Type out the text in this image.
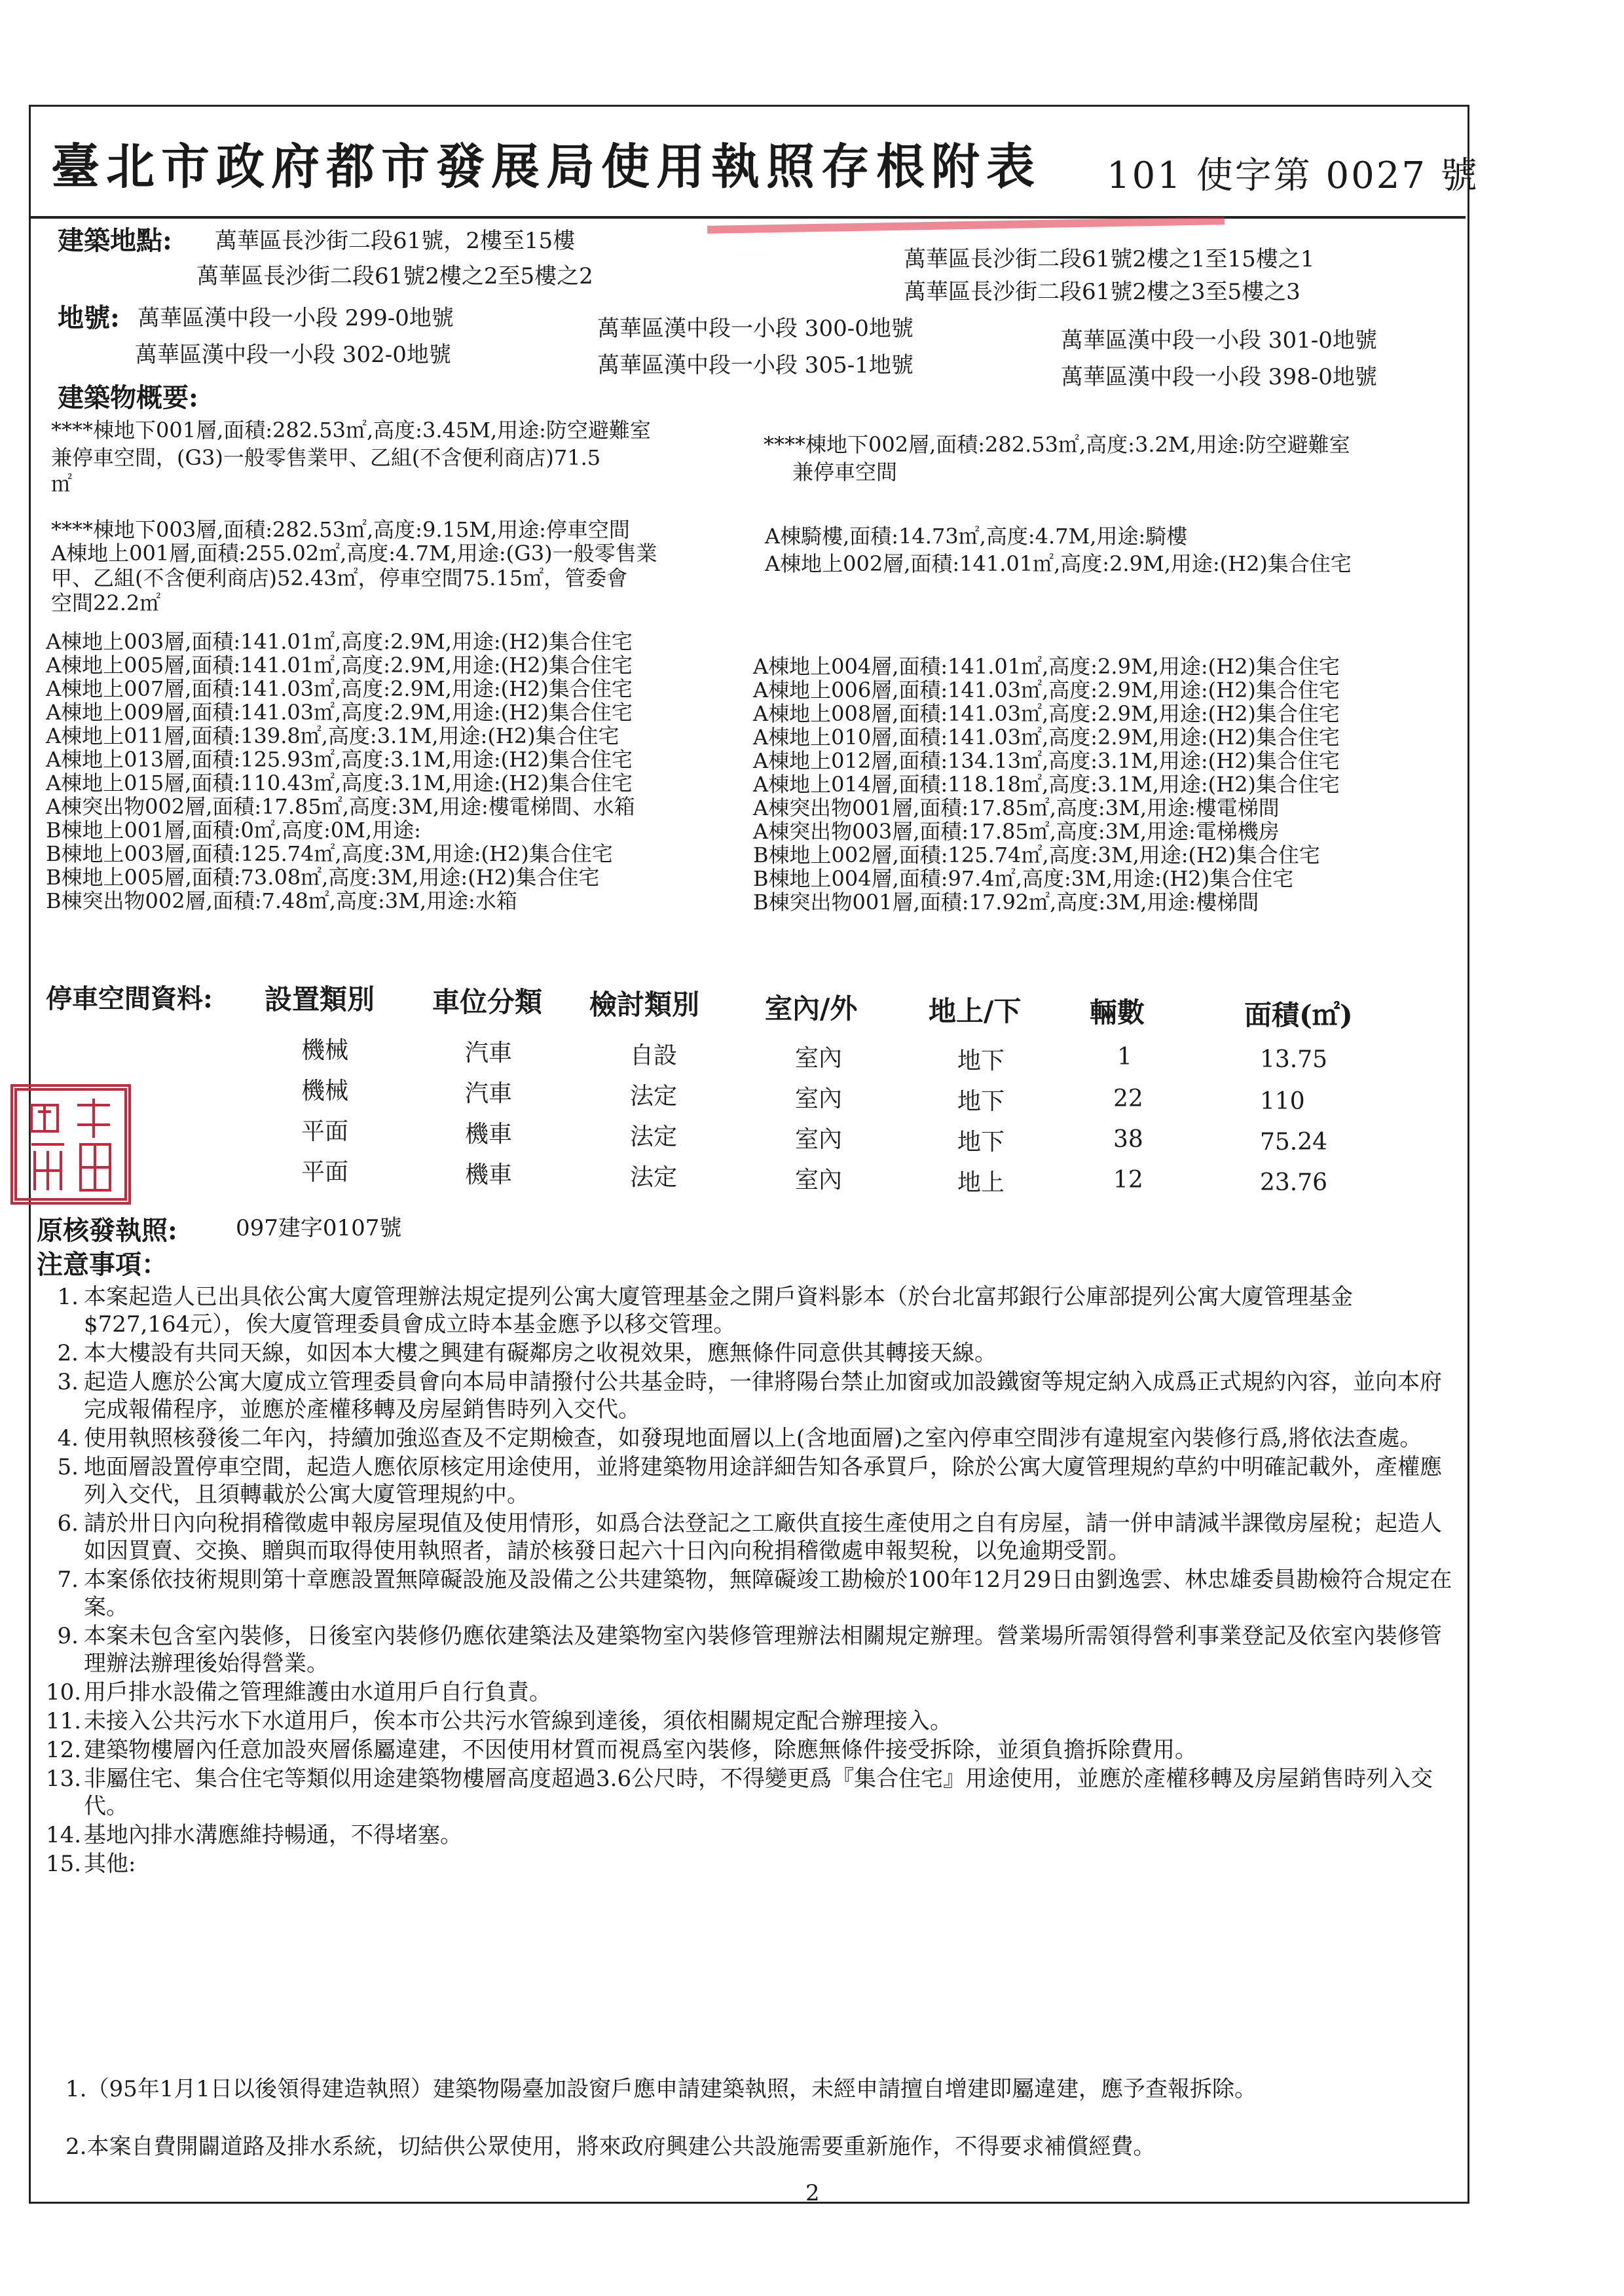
臺北市政府都市發展局使用執照存根附表 101 使字第 0027 號
建築地點: 萬華區長沙街二段61號，2樓至15樓
萬華區長沙街二段61號2樓之1至15樓之1
萬華區長沙街二段61號2樓之2至5樓之2
萬華區長沙街二段61號2樓之3至5樓之3
地號: 萬華區漢中段一小段 299-0地號	萬華區漢中段一小段 300-0地號	萬華區漢中段一小段 301-0地號
萬華區漢中段一小段 302-0地號	萬華區漢中段一小段 305-1地號	萬華區漢中段一小段 398-0地號
建築物概要:
****棟地下001層,面積:282.53㎡,高度:3.45M,用途:防空避難室
兼停車空間，(G3)一般零售業甲、乙組(不含便利商店)71.5
㎡
****棟地下002層,面積:282.53㎡,高度:3.2M,用途:防空避難室
兼停車空間
****棟地下003層,面積:282.53㎡,高度:9.15M,用途:停車空間	A棟騎樓,面積:14.73㎡,高度:4.7M,用途:騎樓
A棟地上001層,面積:255.02㎡,高度:4.7M,用途:(G3)一般零售業
甲、乙組(不含便利商店)52.43㎡，停車空間75.15㎡，管委會
空間22.2㎡
A棟地上002層,面積:141.01㎡,高度:2.9M,用途:(H2)集合住宅
A棟地上003層,面積:141.01㎡,高度:2.9M,用途:(H2)集合住宅
A棟地上005層,面積:141.01㎡,高度:2.9M,用途:(H2)集合住宅
A棟地上007層,面積:141.03㎡,高度:2.9M,用途:(H2)集合住宅
A棟地上009層,面積:141.03㎡,高度:2.9M,用途:(H2)集合住宅
A棟地上011層,面積:139.8㎡,高度:3.1M,用途:(H2)集合住宅
A棟地上013層,面積:125.93㎡,高度:3.1M,用途:(H2)集合住宅
A棟地上015層,面積:110.43㎡,高度:3.1M,用途:(H2)集合住宅
A棟突出物002層,面積:17.85㎡,高度:3M,用途:樓電梯間、水箱
B棟地上001層,面積:0㎡,高度:0M,用途:
B棟地上003層,面積:125.74㎡,高度:3M,用途:(H2)集合住宅
B棟地上005層,面積:73.08㎡,高度:3M,用途:(H2)集合住宅
B棟突出物002層,面積:7.48㎡,高度:3M,用途:水箱
A棟地上004層,面積:141.01㎡,高度:2.9M,用途:(H2)集合住宅
A棟地上006層,面積:141.03㎡,高度:2.9M,用途:(H2)集合住宅
A棟地上008層,面積:141.03㎡,高度:2.9M,用途:(H2)集合住宅
A棟地上010層,面積:141.03㎡,高度:2.9M,用途:(H2)集合住宅
A棟地上012層,面積:134.13㎡,高度:3.1M,用途:(H2)集合住宅
A棟地上014層,面積:118.18㎡,高度:3.1M,用途:(H2)集合住宅
A棟突出物001層,面積:17.85㎡,高度:3M,用途:樓電梯間
A棟突出物003層,面積:17.85㎡,高度:3M,用途:電梯機房
B棟地上002層,面積:125.74㎡,高度:3M,用途:(H2)集合住宅
B棟地上004層,面積:97.4㎡,高度:3M,用途:(H2)集合住宅
B棟突出物001層,面積:17.92㎡,高度:3M,用途:樓梯間
停車空間資料: 設置類別 車位分類 檢討類別 室內/外	地上/下 輛數	面積(㎡)
機械	汽車	自設	室內	地下	1	13.75
機械	汽車	法定	室內	地下	22	110
平面	機車	法定	室內	地下	38	75.24
平面	機車	法定	室內	地上	12	23.76
原核發執照:	097建字0107號
注意事項：
1. 本案起造人已出具依公寓大廈管理辦法規定提列公寓大廈管理基金之開戶資料影本（於台北富邦銀行公庫部提列公寓大廈管理基金$727,164元），俟大廈管理委員會成立時本基金應予以移交管理。
2. 本大樓設有共同天線，如因本大樓之興建有礙鄰房之收視效果，應無條件同意供其轉接天線。
3. 起造人應於公寓大廈成立管理委員會向本局申請撥付公共基金時，一律將陽台禁止加窗或加設鐵窗等規定納入成爲正式規約內容，並向本府完成報備程序，並應於產權移轉及房屋銷售時列入交代。
4. 使用執照核發後二年內，持續加強巡查及不定期檢查，如發現地面層以上(含地面層)之室內停車空間涉有違規室內裝修行爲,將依法查處。
5. 地面層設置停車空間，起造人應依原核定用途使用，並將建築物用途詳細告知各承買戶，除於公寓大廈管理規約草約中明確記載外，產權應列入交代，且須轉載於公寓大廈管理規約中。
6. 請於卅日內向稅捐稽徵處申報房屋現值及使用情形，如爲合法登記之工廠供直接生產使用之自有房屋，請一併申請減半課徵房屋稅；起造人如因買賣、交換、贈與而取得使用執照者，請於核發日起六十日內向稅捐稽徵處申報契稅，以免逾期受罰。
7. 本案係依技術規則第十章應設置無障礙設施及設備之公共建築物，無障礙竣工勘檢於100年12月29日由劉逸雲、林忠雄委員勘檢符合規定在案。
9. 本案未包含室內裝修，日後室內裝修仍應依建築法及建築物室內裝修管理辦法相關規定辦理。營業場所需領得營利事業登記及依室內裝修管理辦法辦理後始得營業。
10. 用戶排水設備之管理維護由水道用戶自行負責。
11. 未接入公共污水下水道用戶，俟本市公共污水管線到達後，須依相關規定配合辦理接入。
12. 建築物樓層內任意加設夾層係屬違建，不因使用材質而視爲室內裝修，除應無條件接受拆除，並須負擔拆除費用。
13. 非屬住宅、集合住宅等類似用途建築物樓層高度超過3.6公尺時，不得變更爲『集合住宅』用途使用，並應於產權移轉及房屋銷售時列入交代。
14. 基地內排水溝應維持暢通，不得堵塞。
15. 其他:
1.（95年1月1日以後領得建造執照）建築物陽臺加設窗戶應申請建築執照，未經申請擅自增建即屬違建，應予查報拆除。
2.本案自費開闢道路及排水系統，切結供公眾使用，將來政府興建公共設施需要重新施作，不得要求補償經費。
2
